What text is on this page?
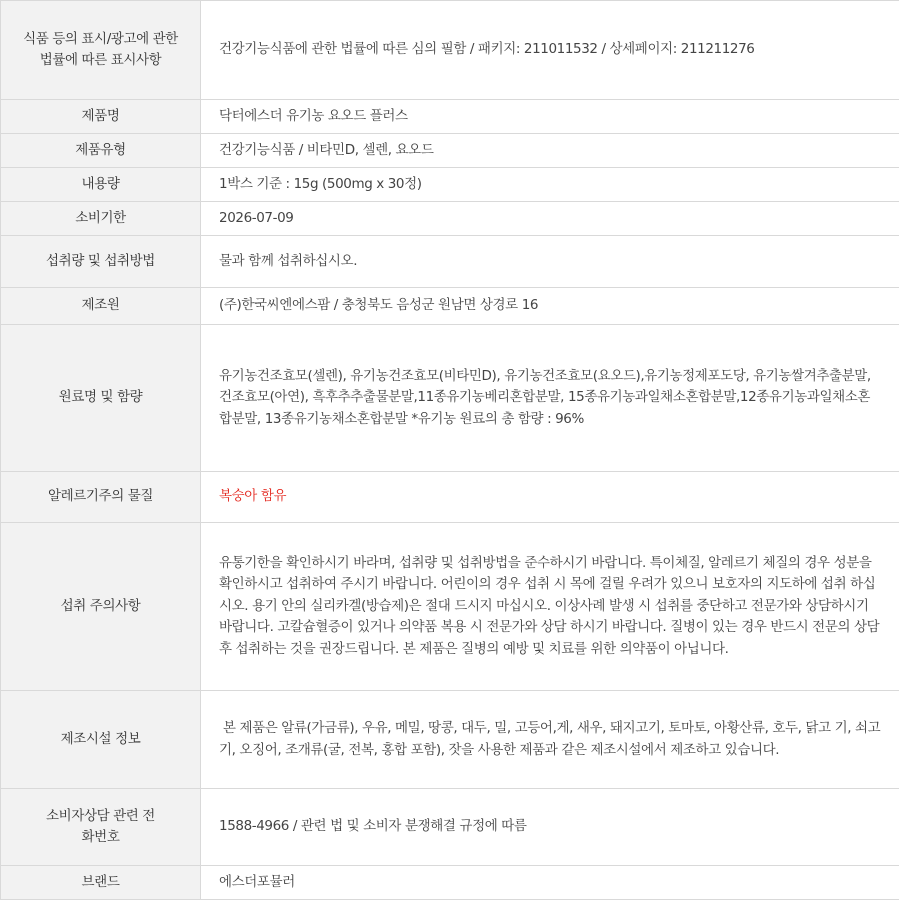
식품 등의 표시/광고에 관한 법률에 따른 표시사항	건강기능식품에 관한 법률에 따른 심의 필함 / 패키지: 211011532 / 상세페이지: 211211276

제품명	닥터에스더 유기농 요오드 플러스

제품유형	건강기능식품 / 비타민D, 셀렌, 요오드

내용량	1박스 기준 : 15g (500mg x 30정)

소비기한	2026-07-09

섭취량 및 섭취방법	물과 함께 섭취하십시오.

제조원	(주)한국씨엔에스팜 / 충청북도 음성군 원남면 상경로 16

원료명 및 함량	유기농건조효모(셀렌), 유기농건조효모(비타민D), 유기농건조효모(요오드),유기농정제포도당, 유기농쌀겨추출분말, 건조효모(아연), 흑후추추출물분말,11종유기농베리혼합분말, 15종유기농과일채소혼합분말,12종유기농과일채소혼합분말, 13종유기농채소혼합분말 *유기농 원료의 총 함량 : 96%

알레르기주의 물질	복숭아 함유

섭취 주의사항	유통기한을 확인하시기 바라며, 섭취량 및 섭취방법을 준수하시기 바랍니다. 특이체질, 알레르기 체질의 경우 성분을 확인하시고 섭취하여 주시기 바랍니다. 어린이의 경우 섭취 시 목에 걸릴 우려가 있으니 보호자의 지도하에 섭취 하십시오. 용기 안의 실리카겔(방습제)은 절대 드시지 마십시오. 이상사례 발생 시 섭취를 중단하고 전문가와 상담하시기 바랍니다. 고칼슘혈증이 있거나 의약품 복용 시 전문가와 상담 하시기 바랍니다. 질병이 있는 경우 반드시 전문의 상담 후 섭취하는 것을 권장드립니다. 본 제품은 질병의 예방 및 치료를 위한 의약품이 아닙니다.

제조시설 정보	본 제품은 알류(가금류), 우유, 메밀, 땅콩, 대두, 밀, 고등어,게, 새우, 돼지고기, 토마토, 아황산류, 호두, 닭고 기, 쇠고기, 오징어, 조개류(굴, 전복, 홍합 포함), 잣을 사용한 제품과 같은 제조시설에서 제조하고 있습니다.

소비자상담 관련 전화번호	1588-4966 / 관련 법 및 소비자 분쟁해결 규정에 따름

브랜드	에스더포뮬러
